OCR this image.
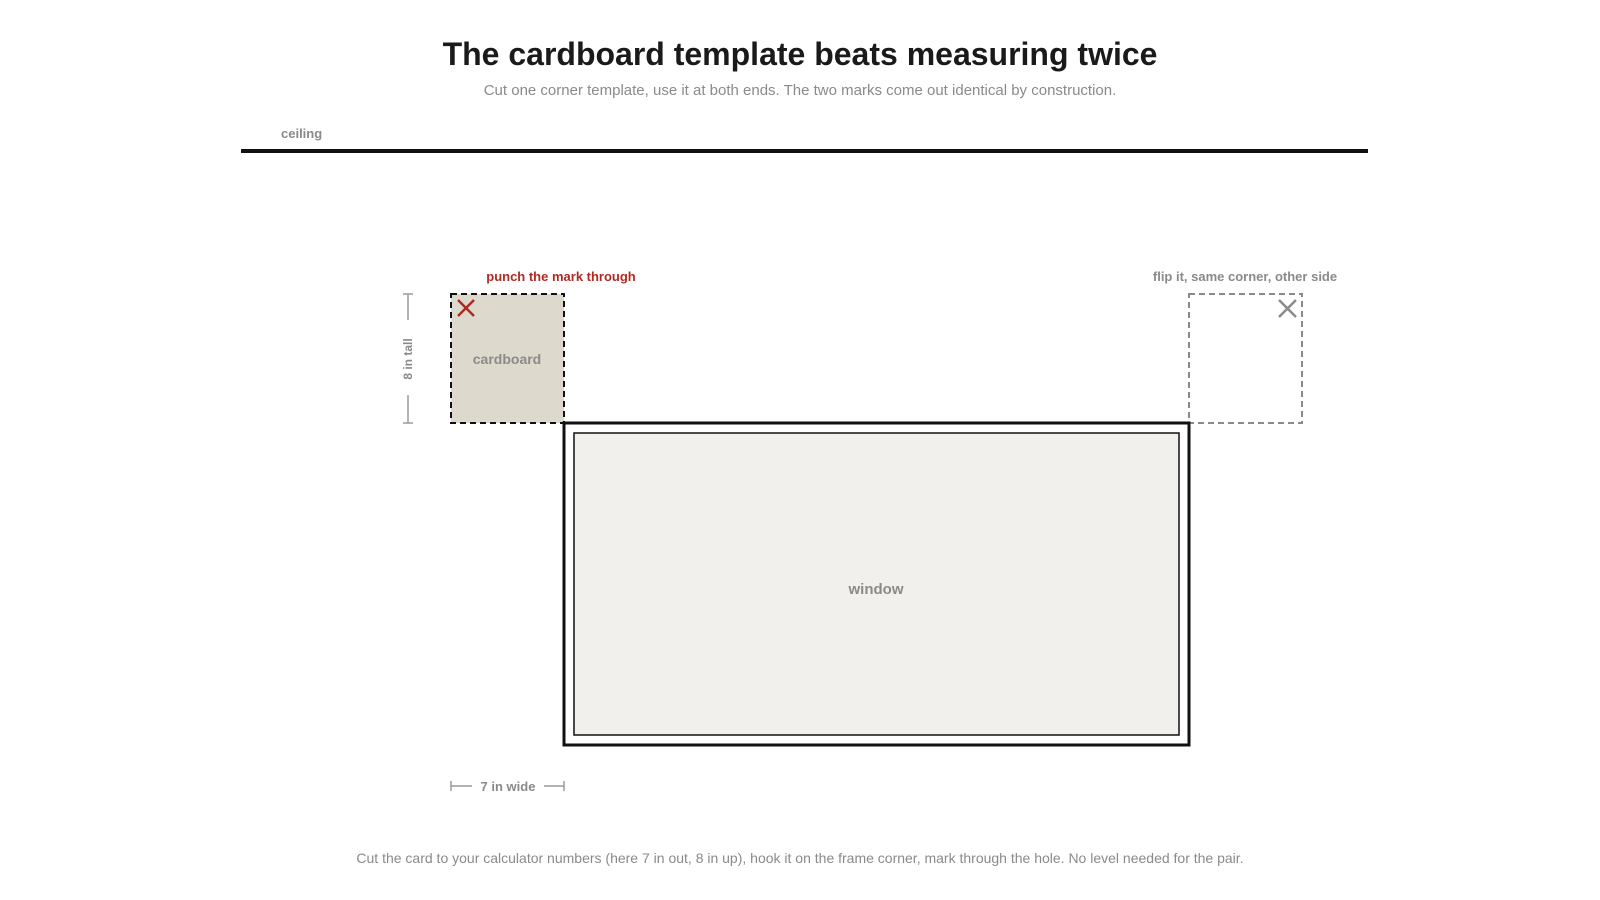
The cardboard template beats measuring twice
Cut one corner template, use it at both ends. The two marks come out identical by construction.
ceiling
punch the mark through	flip it, same corner, other side
8 in tall	cardboard
window
7 in wide
Cut the card to your calculator numbers (here 7 in out, 8 in up), hook it on the frame corner, mark through the hole. No level needed for the pair.
